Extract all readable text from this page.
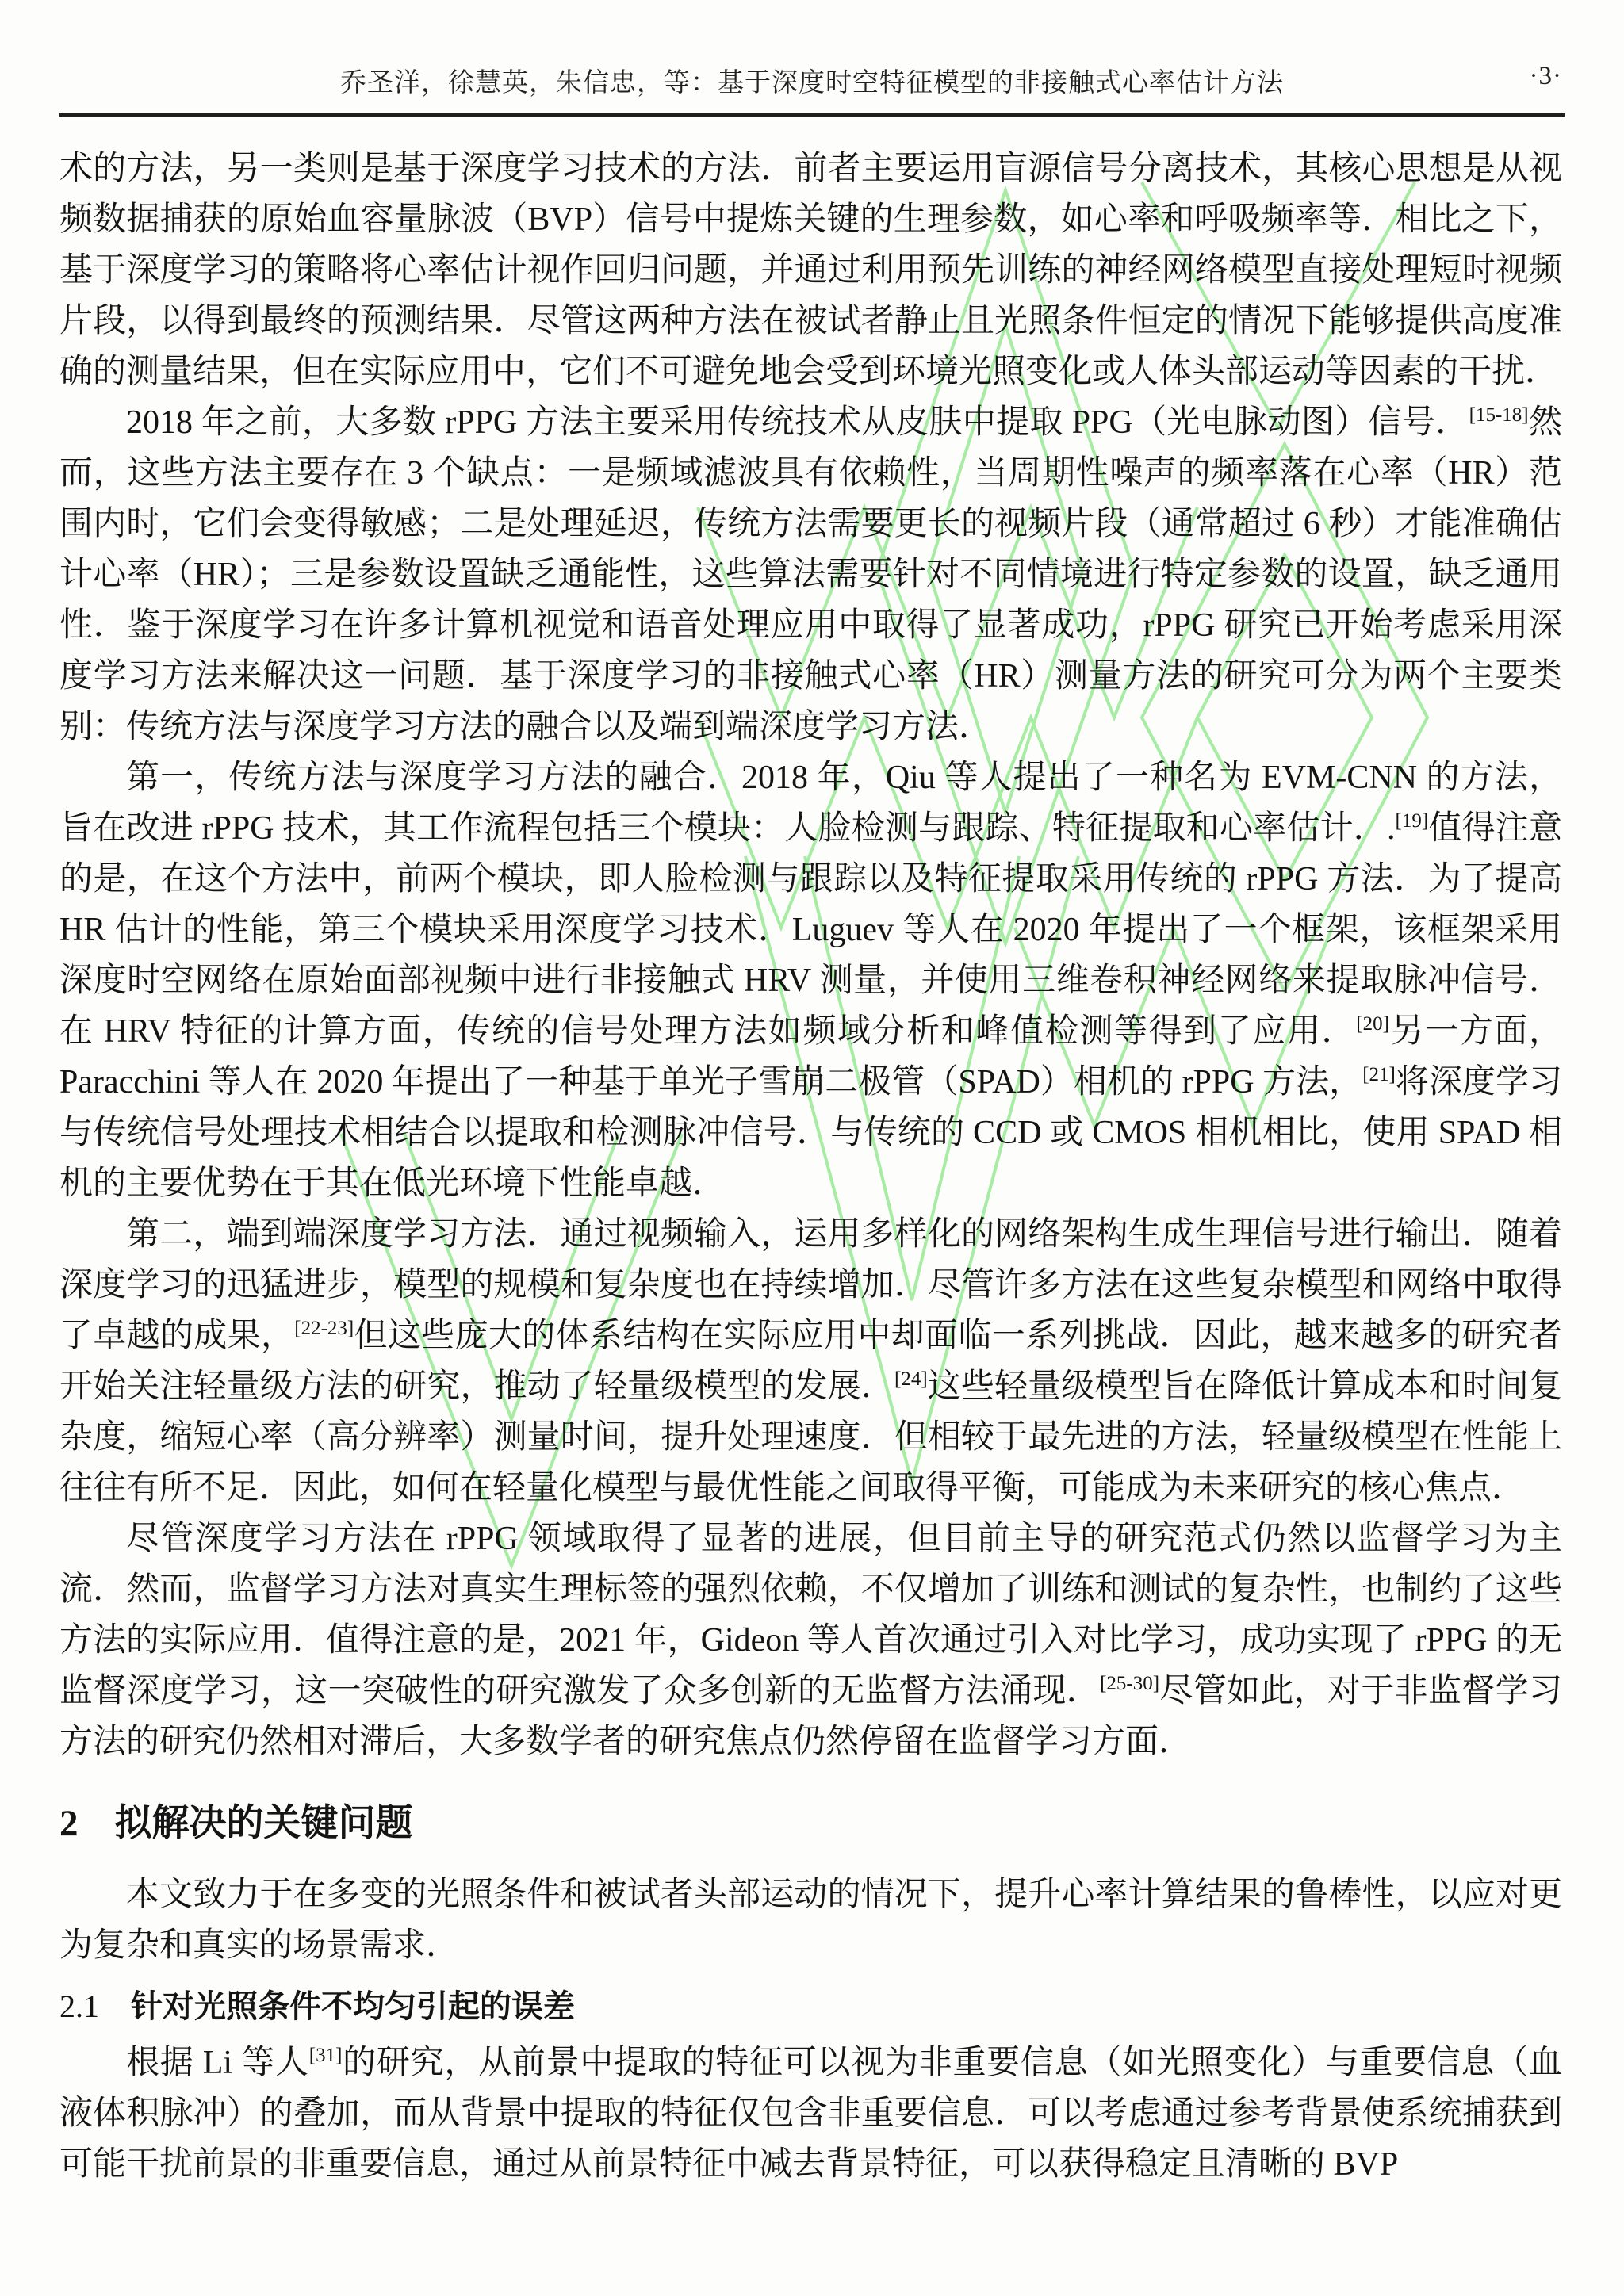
乔圣洋，徐慧英，朱信忠，等：基于深度时空特征模型的非接触式心率估计方法	·3·

术的方法，另一类则是基于深度学习技术的方法．前者主要运用盲源信号分离技术，其核心思想是从视频数据捕获的原始血容量脉波（BVP）信号中提炼关键的生理参数，如心率和呼吸频率等．相比之下，基于深度学习的策略将心率估计视作回归问题，并通过利用预先训练的神经网络模型直接处理短时视频片段，以得到最终的预测结果．尽管这两种方法在被试者静止且光照条件恒定的情况下能够提供高度准确的测量结果，但在实际应用中，它们不可避免地会受到环境光照变化或人体头部运动等因素的干扰．

2018 年之前，大多数 rPPG 方法主要采用传统技术从皮肤中提取 PPG（光电脉动图）信号．[15-18]然而，这些方法主要存在 3 个缺点：一是频域滤波具有依赖性，当周期性噪声的频率落在心率（HR）范围内时，它们会变得敏感；二是处理延迟，传统方法需要更长的视频片段（通常超过 6 秒）才能准确估计心率（HR）；三是参数设置缺乏通能性，这些算法需要针对不同情境进行特定参数的设置，缺乏通用性．鉴于深度学习在许多计算机视觉和语音处理应用中取得了显著成功，rPPG 研究已开始考虑采用深度学习方法来解决这一问题．基于深度学习的非接触式心率（HR）测量方法的研究可分为两个主要类别：传统方法与深度学习方法的融合以及端到端深度学习方法．

第一，传统方法与深度学习方法的融合．2018 年，Qiu 等人提出了一种名为 EVM-CNN 的方法，旨在改进 rPPG 技术，其工作流程包括三个模块：人脸检测与跟踪、特征提取和心率估计．.[19]值得注意的是，在这个方法中，前两个模块，即人脸检测与跟踪以及特征提取采用传统的 rPPG 方法．为了提高 HR 估计的性能，第三个模块采用深度学习技术．Luguev 等人在 2020 年提出了一个框架，该框架采用深度时空网络在原始面部视频中进行非接触式 HRV 测量，并使用三维卷积神经网络来提取脉冲信号．在 HRV 特征的计算方面，传统的信号处理方法如频域分析和峰值检测等得到了应用．[20]另一方面，Paracchini 等人在 2020 年提出了一种基于单光子雪崩二极管（SPAD）相机的 rPPG 方法，[21]将深度学习与传统信号处理技术相结合以提取和检测脉冲信号．与传统的 CCD 或 CMOS 相机相比，使用 SPAD 相机的主要优势在于其在低光环境下性能卓越．

第二，端到端深度学习方法．通过视频输入，运用多样化的网络架构生成生理信号进行输出．随着深度学习的迅猛进步，模型的规模和复杂度也在持续增加．尽管许多方法在这些复杂模型和网络中取得了卓越的成果，[22-23]但这些庞大的体系结构在实际应用中却面临一系列挑战．因此，越来越多的研究者开始关注轻量级方法的研究，推动了轻量级模型的发展．[24]这些轻量级模型旨在降低计算成本和时间复杂度，缩短心率（高分辨率）测量时间，提升处理速度．但相较于最先进的方法，轻量级模型在性能上往往有所不足．因此，如何在轻量化模型与最优性能之间取得平衡，可能成为未来研究的核心焦点．

尽管深度学习方法在 rPPG 领域取得了显著的进展，但目前主导的研究范式仍然以监督学习为主流．然而，监督学习方法对真实生理标签的强烈依赖，不仅增加了训练和测试的复杂性，也制约了这些方法的实际应用．值得注意的是，2021 年，Gideon 等人首次通过引入对比学习，成功实现了 rPPG 的无监督深度学习，这一突破性的研究激发了众多创新的无监督方法涌现．[25-30]尽管如此，对于非监督学习方法的研究仍然相对滞后，大多数学者的研究焦点仍然停留在监督学习方面．

2 拟解决的关键问题

本文致力于在多变的光照条件和被试者头部运动的情况下，提升心率计算结果的鲁棒性，以应对更为复杂和真实的场景需求．

2.1 针对光照条件不均匀引起的误差

根据 Li 等人[31]的研究，从前景中提取的特征可以视为非重要信息（如光照变化）与重要信息（血液体积脉冲）的叠加，而从背景中提取的特征仅包含非重要信息．可以考虑通过参考背景使系统捕获到可能干扰前景的非重要信息，通过从前景特征中减去背景特征，可以获得稳定且清晰的 BVP
